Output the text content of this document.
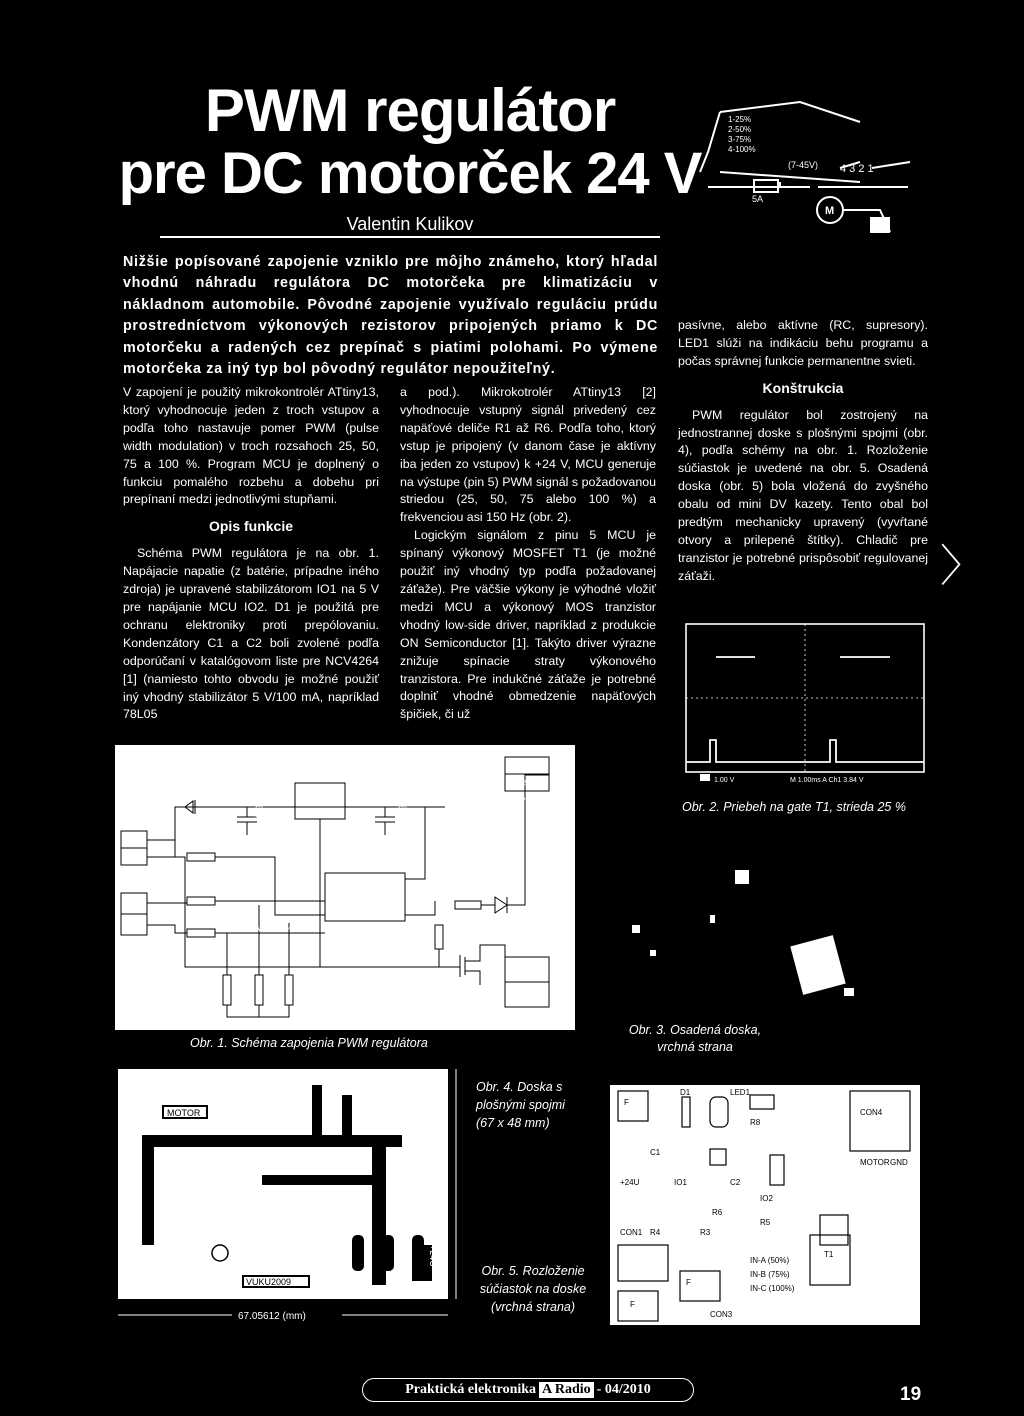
PWM regulátor
pre DC motorček 24 V
Valentin Kulikov
Nižšie popísované zapojenie vzniklo pre môjho známeho, ktorý hľadal vhodnú náhradu regulátora DC motorčeka pre klimatizáciu v nákladnom automobile. Pôvodné zapojenie využívalo reguláciu prúdu prostredníctvom výkonových rezistorov pripojených priamo k DC motorčeku a radených cez prepínač s piatimi polohami. Po výmene motorčeka za iný typ bol pôvodný regulátor nepoužiteľný.

V zapojení je použitý mikrokontrolér ATtiny13, ktorý vyhodnocuje jeden z troch vstupov a podľa toho nastavuje pomer PWM (pulse width modulation) v troch rozsahoch 25, 50, 75 a 100 %. Program MCU je doplnený o funkciu pomalého rozbehu a dobehu pri prepínaní medzi jednotlivými stupňami.

Opis funkcie

Schéma PWM regulátora je na obr. 1. Napájacie napatie (z batérie, prípadne iného zdroja) je upravené stabilizátorom IO1 na 5 V pre napájanie MCU IO2. D1 je použitá pre ochranu elektroniky proti prepólovaniu. Kondenzátory C1 a C2 boli zvolené podľa odporúčaní v katalógovom liste pre NCV4264 [1] (namiesto tohto obvodu je možné použiť iný vhodný stabilizátor 5 V/100 mA, napríklad 78L05

a pod.). Mikrokotrolér ATtiny13 [2] vyhodnocuje vstupný signál privedený cez napäťové deliče R1 až R6. Podľa toho, ktorý vstup je pripojený (v danom čase je aktívny iba jeden zo vstupov) k +24 V, MCU generuje na výstupe (pin 5) PWM signál s požadovanou striedou (25, 50, 75 alebo 100 %) a frekvenciou asi 150 Hz (obr. 2).

Logickým signálom z pinu 5 MCU je spínaný výkonový MOSFET T1 (je možné použiť iný vhodný typ podľa požadovanej záťaže). Pre väčšie výkony je výhodné vložiť medzi MCU a výkonový MOS tranzistor vhodný low-side driver, napríklad z produkcie ON Semiconductor [1]. Takýto driver výrazne znižuje spínacie straty výkonového tranzistora. Pre indukčné záťaže je potrebné doplniť vhodné obmedzenie napäťových špičiek, či už

pasívne, alebo aktívne (RC, supresory). LED1 slúži na indikáciu behu programu a počas správnej funkcie permanentne svieti.

Konštrukcia

PWM regulátor bol zostrojený na jednostrannej doske s plošnými spojmi (obr. 4), podľa schémy na obr. 1. Rozloženie súčiastok je uvedené na obr. 5. Osadená doska (obr. 5) bola vložená do zvyšného obalu od mini DV kazety. Tento obal bol predtým mechanicky upravený (vyvŕtané otvory a prilepené štítky). Chladič pre tranzistor je potrebné prispôsobiť regulovanej záťaži.	〉
1-25%
2-50%
3-75%
4-100%
(7-45V) 4 3 2 1
5A
M
1.00 V	M 1.00ms A Ch1 3.84 V
Obr. 2. Priebeh na gate T1, strieda 25 %
CON1
pin 1
pin 2
IN1
CON3
pin 1
pin 2
IN2
D1
1N4148
C1
10µ
IO1
NCV4264-2
IN OUT
GND
C2
4µ7
R1
33k
R2
33k
R3
33k
R4
10k
R5
10k
R6
10k
PWM 50 %
PWM 75 %
PWM 100 %
IO2
PB5/RST
PB3
PB4
GND
Vcc
PB2/SCK
PB1/MISO
PB0/MOSI
ATTINY13
CON2
pin 1
pin 2
24 V
R8
470
LED1
R7
100
T1
NTP52N10
CON4
pin 1
pin 2
OUT
Obr. 1. Schéma zapojenia PWM regulátora
Obr. 3. Osadená doska, vrchná strana
MOTOR
VUKU2009
+24U
67.05612 (mm)
48.26 (mm)
Obr. 4. Doska s plošnými spojmi (67 x 48 mm)
Obr. 5. Rozloženie súčiastok na doske (vrchná strana)
F
D1
C1
LED1
R8
+24U	IO1	C2
IO2
R6
R5
CON1 R4	R3
F
F
CON3
CON4
MOTOR GND
T1
IN-A (50%)
IN-B (75%)
IN-C (100%)
Praktická elektronika A Radio - 04/2010	19
